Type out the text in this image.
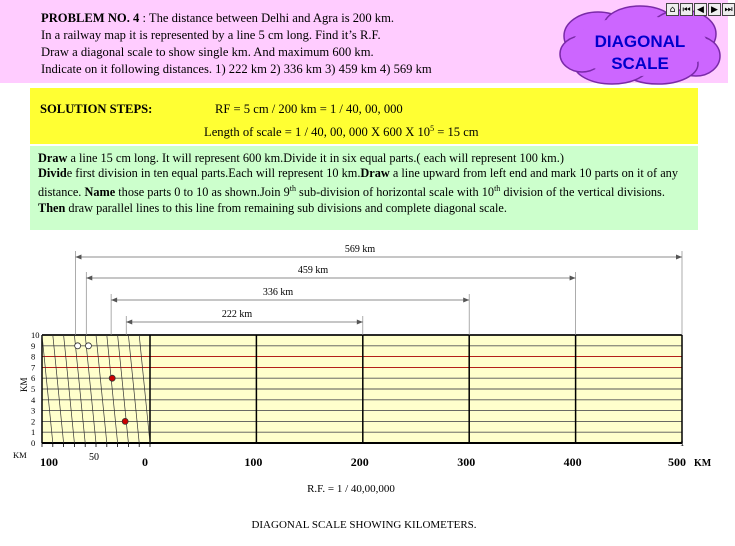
PROBLEM NO. 4 : The distance between Delhi and Agra is 200 km.
In a railway map it is represented by a line 5 cm long. Find it’s R.F.
Draw a diagonal scale to show single km. And maximum 600 km.
Indicate on it following distances. 1) 222 km 2) 336 km 3) 459 km 4) 569 km
DIAGONAL
SCALE
⌂ ⏮ ◀ ▶ ⏭
SOLUTION STEPS:	RF = 5 cm / 200 km = 1 / 40, 00, 000
Length of scale = 1 / 40, 00, 000 X 600 X $10^5 = 15$ cm
Draw a line 15 cm long. It will represent 600 km.Divide it in six equal parts.( each will represent 100 km.)
Divide first division in ten equal parts.Each will represent 10 km.Draw a line upward from left end and mark 10 parts on it of any distance. Name those parts 0 to 10 as shown.Join 9th sub-division of horizontal scale with 10th division of the vertical divisions. Then draw parallel lines to this line from remaining sub divisions and complete diagonal scale.
0
1
2
3
4
5
6
7
8
9
10
KM
569 km
459 km
336 km
222 km
100	0	100	200	300	400	500
50
KM
KM
1
R.F. = 1 / 40,00,000
DIAGONAL SCALE SHOWING KILOMETERS.
